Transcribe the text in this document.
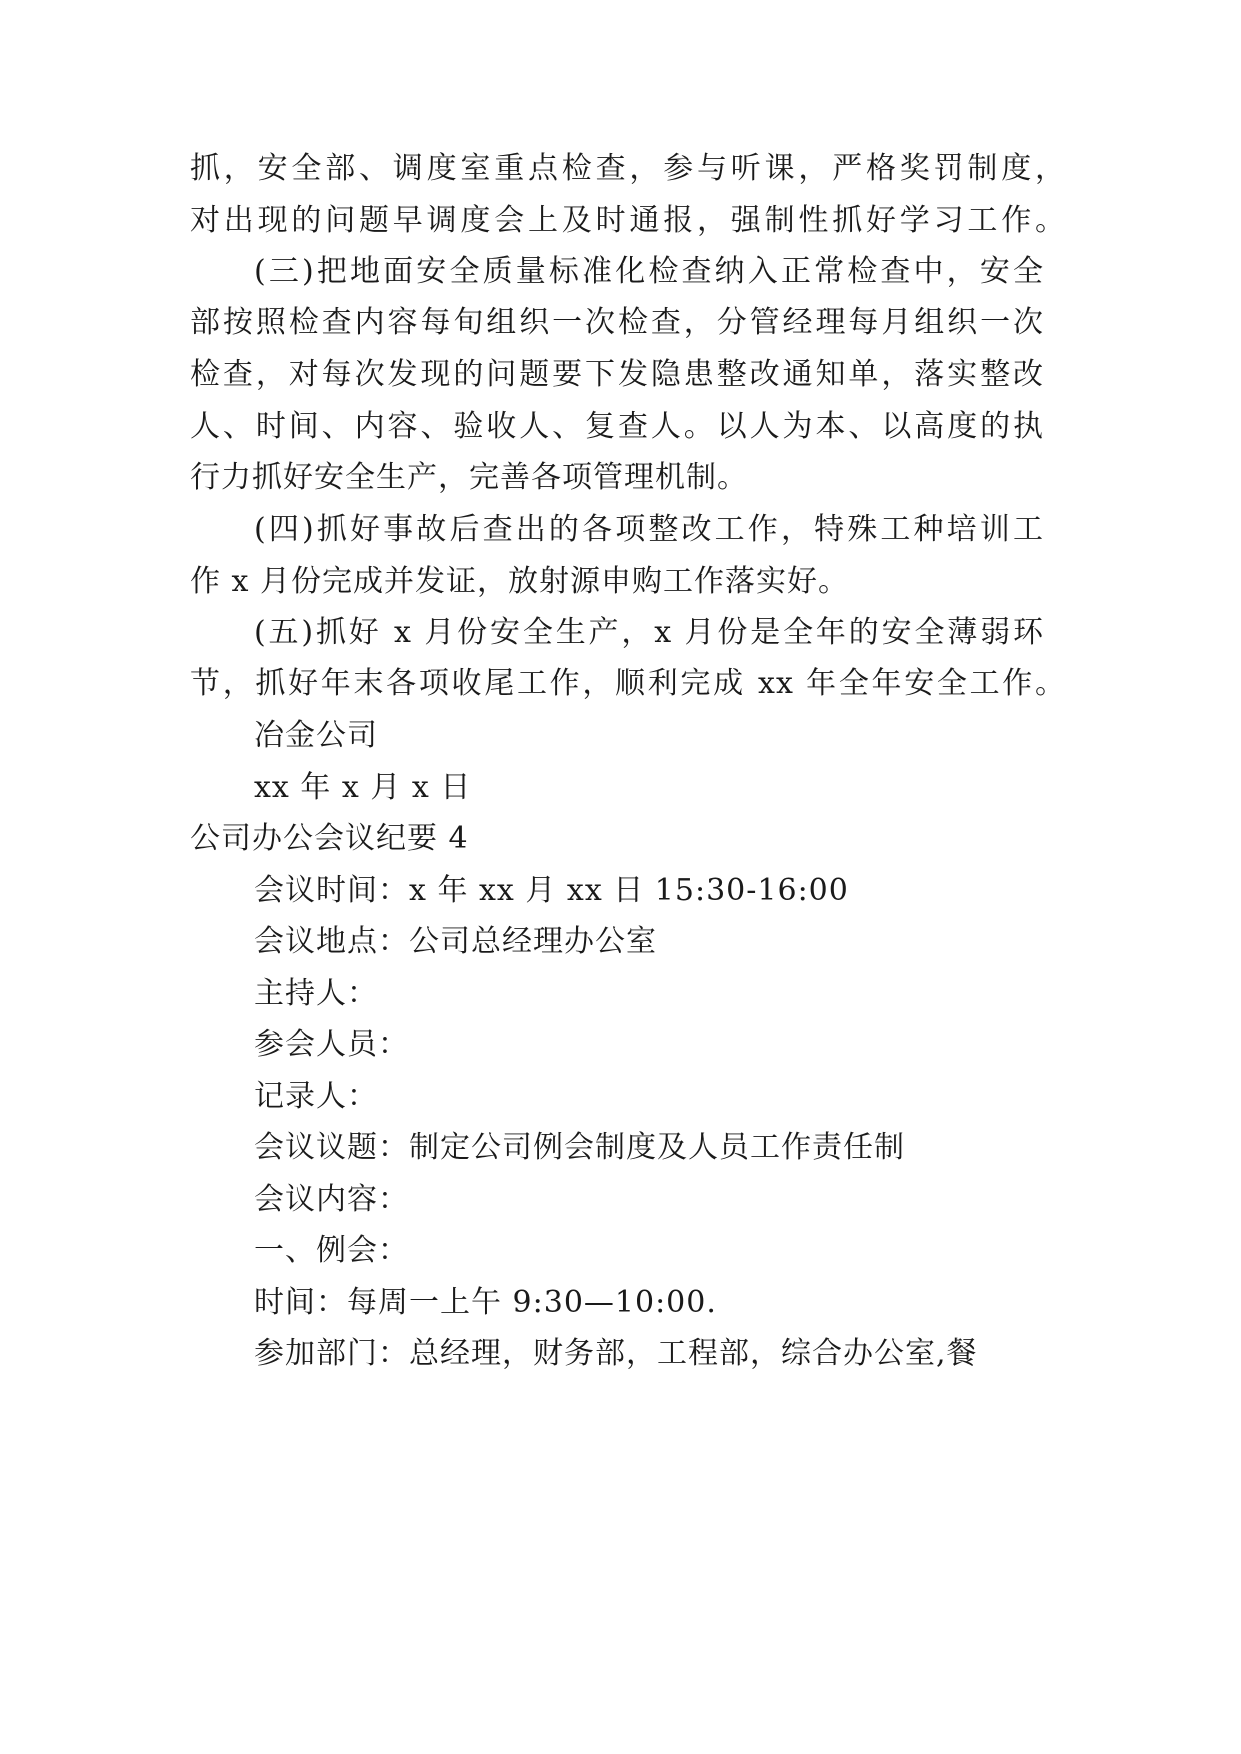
抓，安全部、调度室重点检查，参与听课，严格奖罚制度，
对出现的问题早调度会上及时通报，强制性抓好学习工作。
(三)把地面安全质量标准化检查纳入正常检查中，安全
部按照检查内容每旬组织一次检查，分管经理每月组织一次
检查，对每次发现的问题要下发隐患整改通知单，落实整改
人、时间、内容、验收人、复查人。以人为本、以高度的执
行力抓好安全生产，完善各项管理机制。
(四)抓好事故后查出的各项整改工作，特殊工种培训工
作 x 月份完成并发证，放射源申购工作落实好。
(五)抓好 x 月份安全生产，x 月份是全年的安全薄弱环
节，抓好年末各项收尾工作，顺利完成 xx 年全年安全工作。
冶金公司
xx 年 x 月 x 日
公司办公会议纪要 4
会议时间：x 年 xx 月 xx 日 15:30-16:00
会议地点：公司总经理办公室
主持人：
参会人员：
记录人：
会议议题：制定公司例会制度及人员工作责任制
会议内容：
一、例会：
时间：每周一上午 9:30—10:00.
参加部门：总经理，财务部，工程部，综合办公室,餐
